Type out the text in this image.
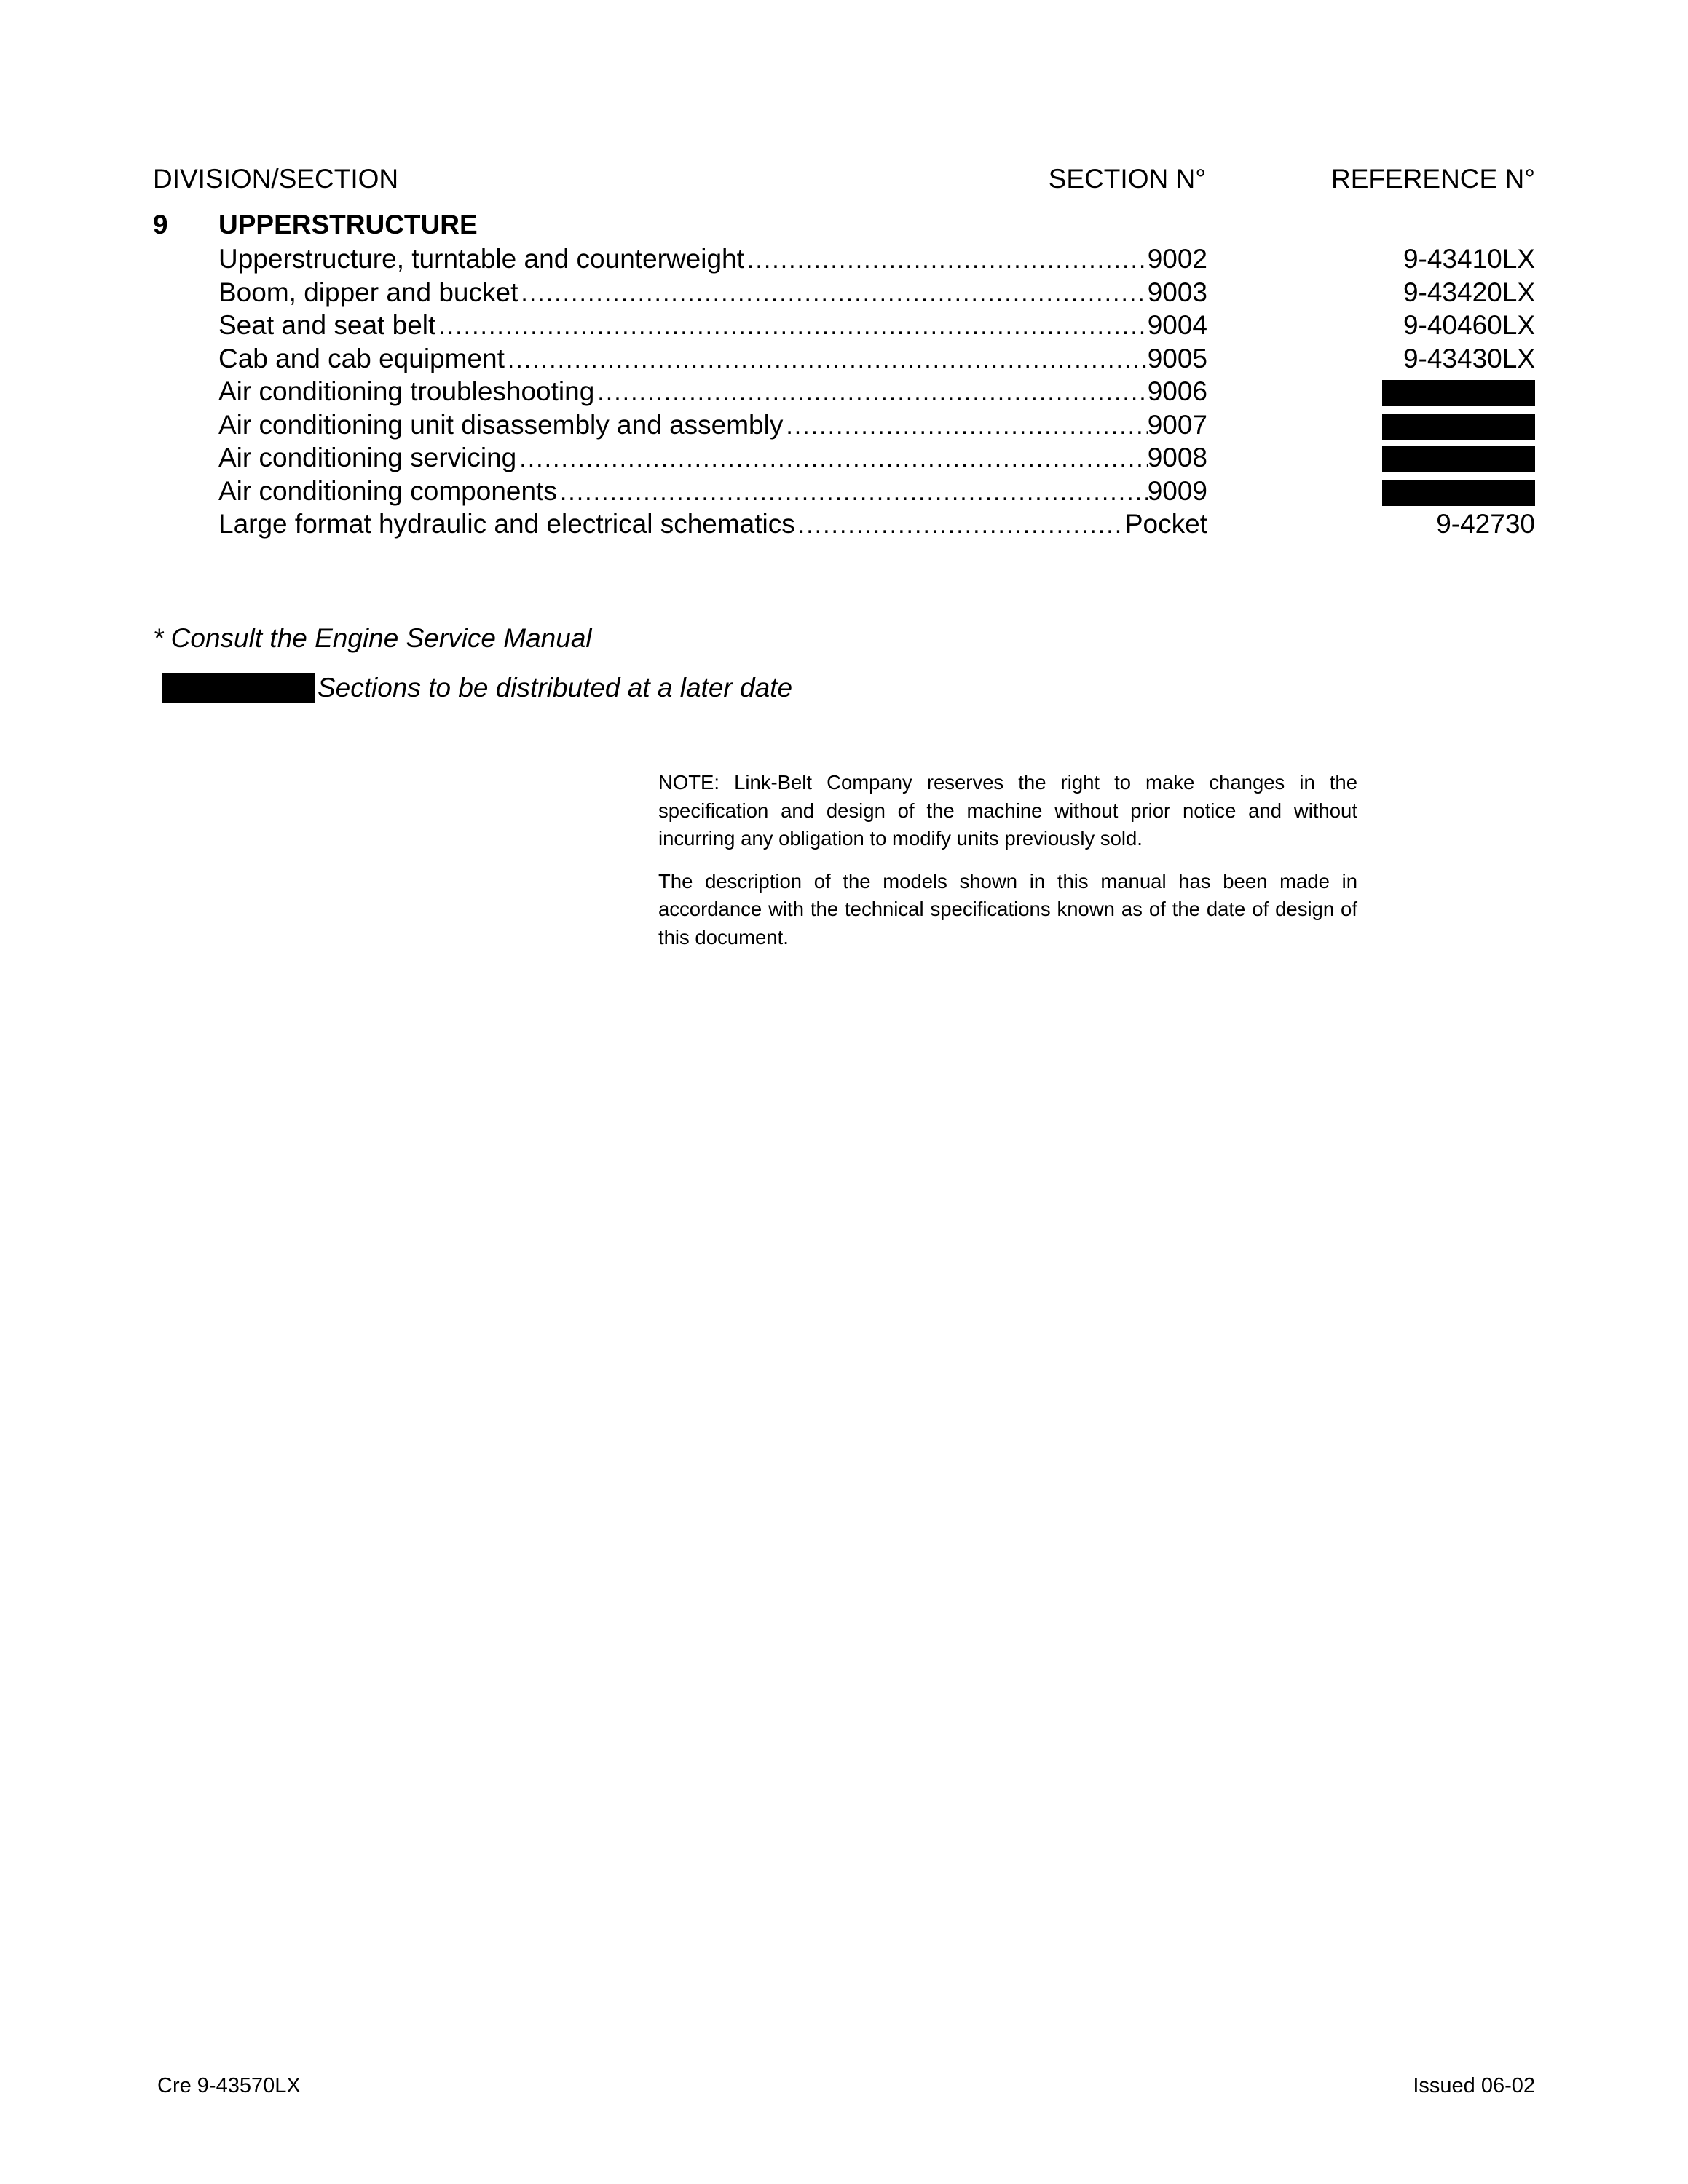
DIVISION/SECTION	SECTION N°	REFERENCE N°
9 UPPERSTRUCTURE
Upperstructure, turntable and counterweight .....	9002	9-43410LX
Boom, dipper and bucket .....	9003	9-43420LX
Seat and seat belt .....	9004	9-40460LX
Cab and cab equipment .....	9005	9-43430LX
Air conditioning troubleshooting .....	9006
Air conditioning unit disassembly and assembly .....	9007
Air conditioning servicing .....	9008
Air conditioning components .....	9009
Large format hydraulic and electrical schematics .....	Pocket	9-42730
* Consult the Engine Service Manual
Sections to be distributed at a later date

NOTE: Link-Belt Company reserves the right to make changes in the specification and design of the machine without prior notice and without incurring any obligation to modify units previously sold.

The description of the models shown in this manual has been made in accordance with the technical specifications known as of the date of design of this document.

Cre 9-43570LX	Issued 06-02
